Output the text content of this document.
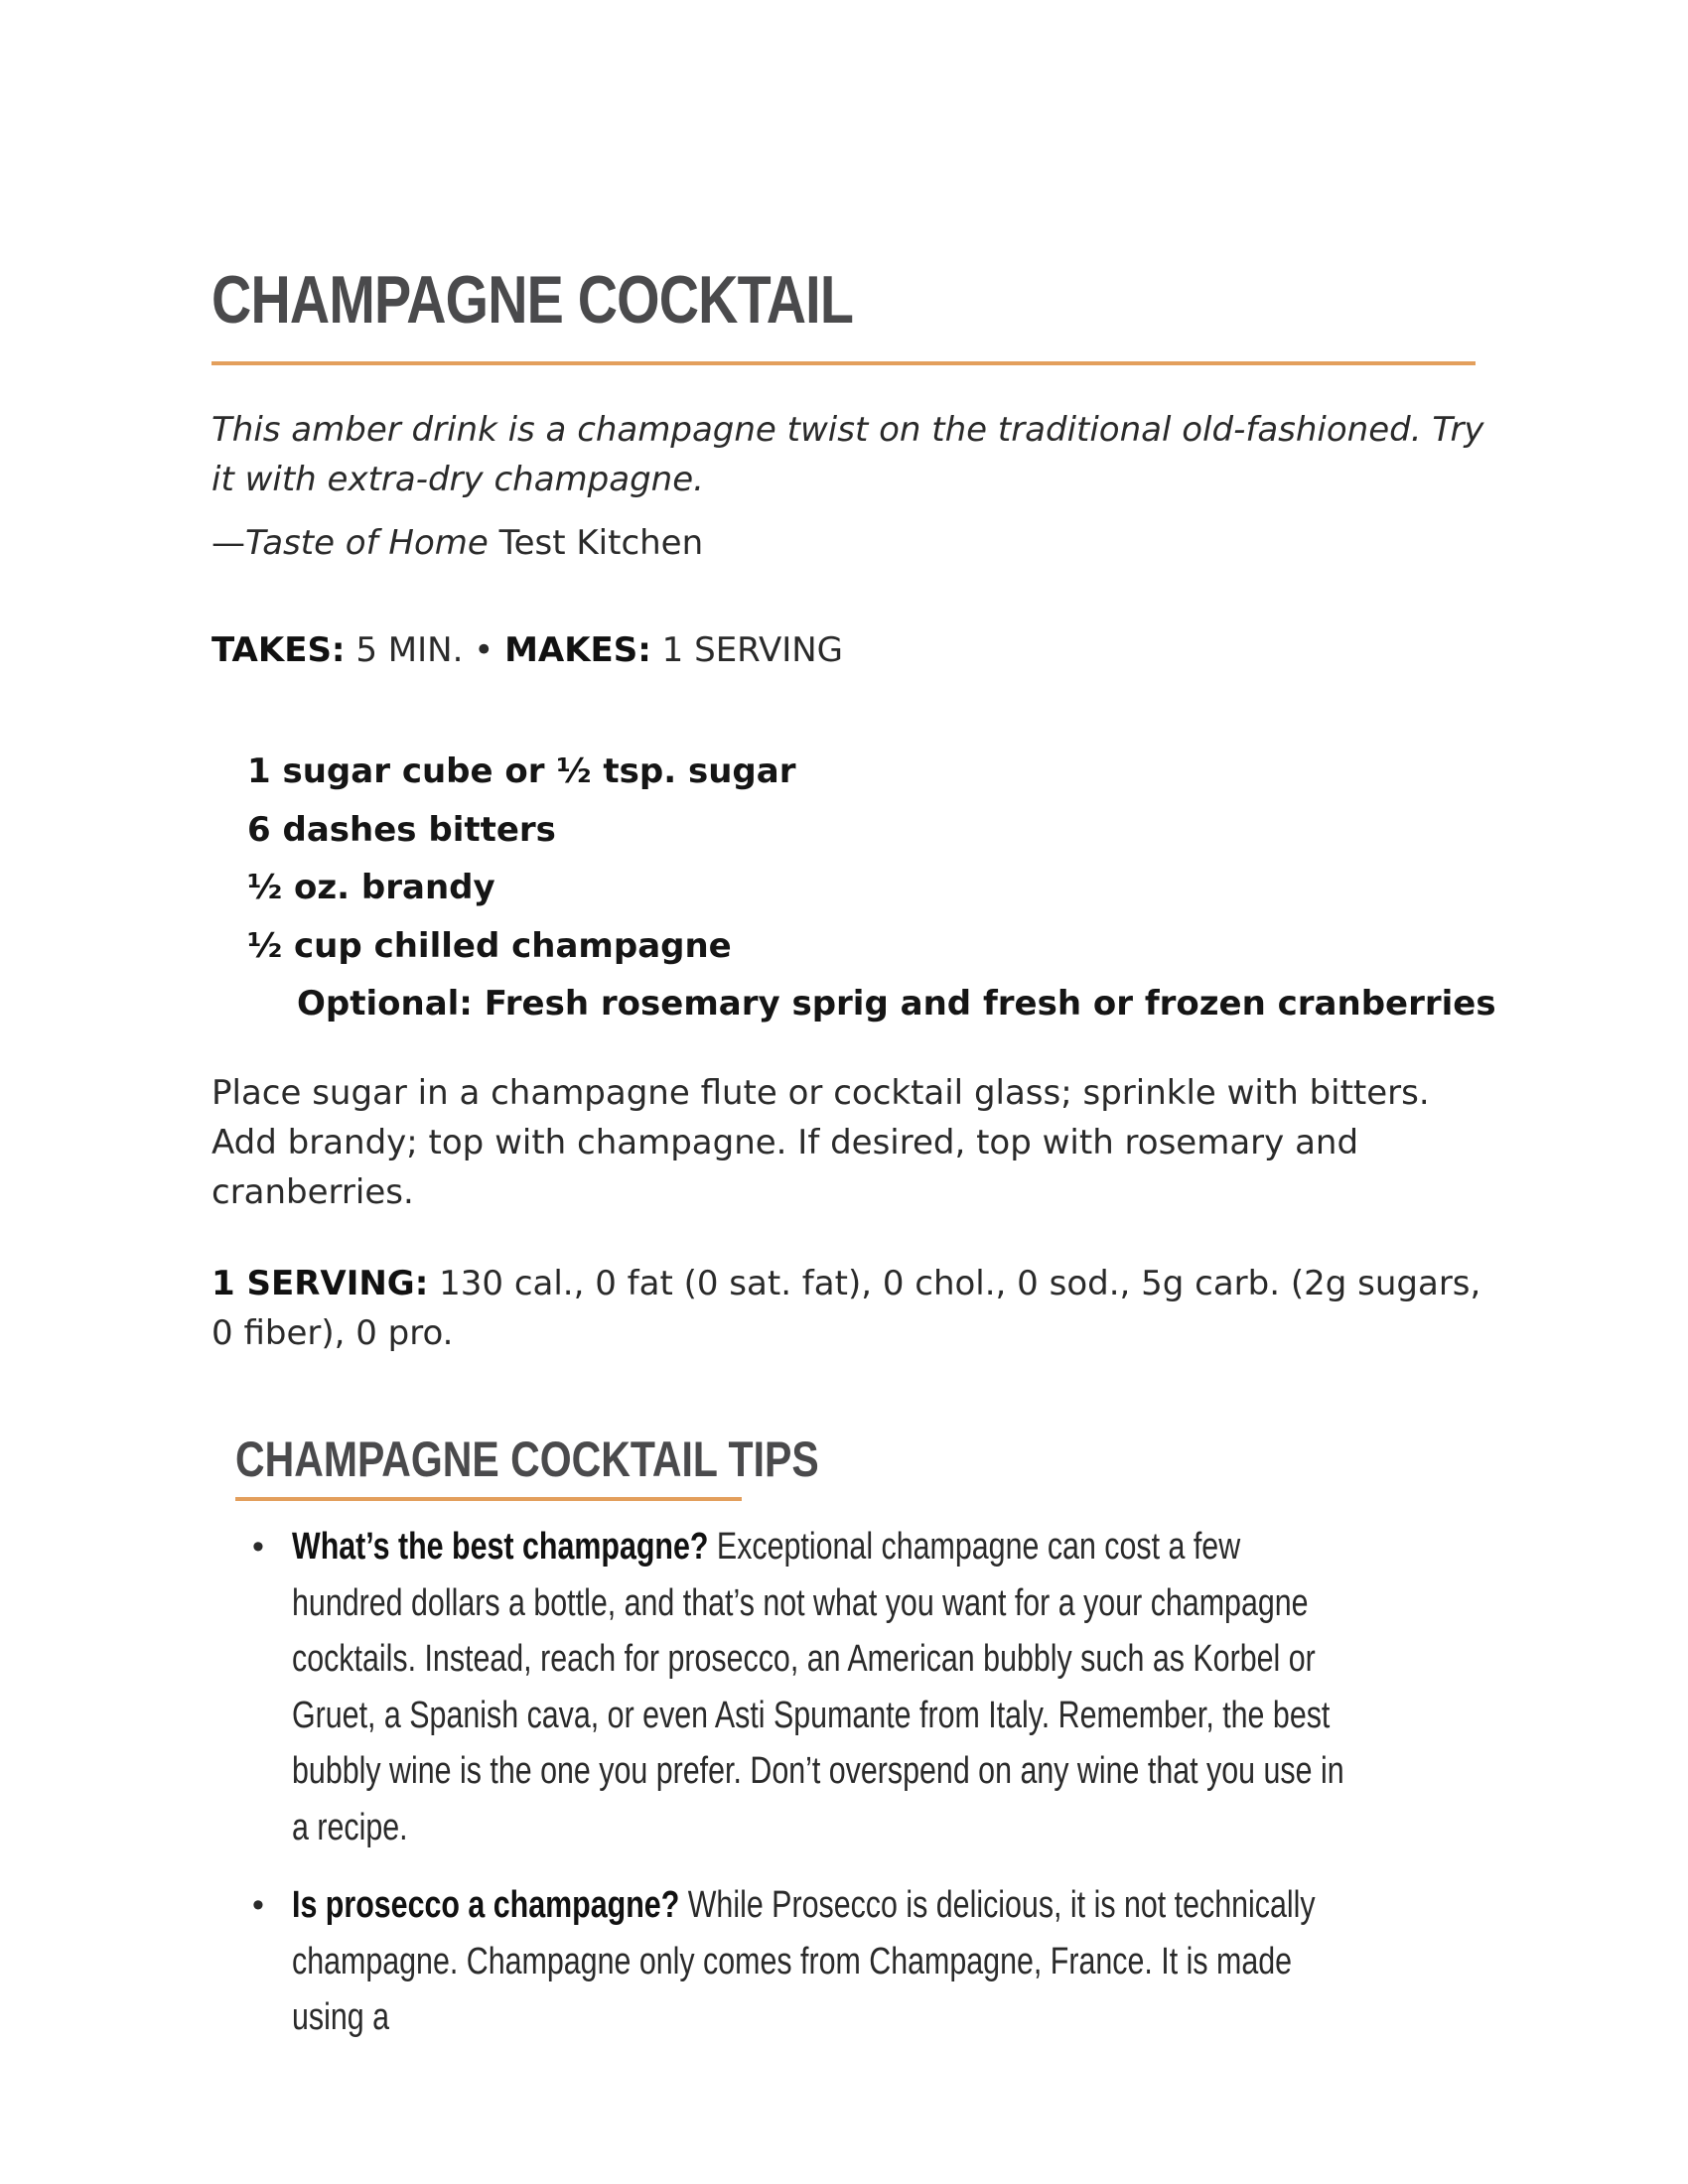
CHAMPAGNE COCKTAIL

This amber drink is a champagne twist on the traditional old-fashioned. Try it with extra-dry champagne.

—Taste of Home Test Kitchen

TAKES: 5 MIN. • MAKES: 1 SERVING

1 sugar cube or ½ tsp. sugar
6 dashes bitters
½ oz. brandy
½ cup chilled champagne
Optional: Fresh rosemary sprig and fresh or frozen cranberries

Place sugar in a champagne flute or cocktail glass; sprinkle with bitters. Add brandy; top with champagne. If desired, top with rosemary and cranberries.

1 SERVING: 130 cal., 0 fat (0 sat. fat), 0 chol., 0 sod., 5g carb. (2g sugars, 0 fiber), 0 pro.

CHAMPAGNE COCKTAIL TIPS
• What’s the best champagne? Exceptional champagne can cost a few hundred dollars a bottle, and that’s not what you want for a your champagne cocktails. Instead, reach for prosecco, an American bubbly such as Korbel or Gruet, a Spanish cava, or even Asti Spumante from Italy. Remember, the best bubbly wine is the one you prefer. Don’t overspend on any wine that you use in a recipe.
• Is prosecco a champagne? While Prosecco is delicious, it is not technically champagne. Champagne only comes from Champagne, France. It is made using a
